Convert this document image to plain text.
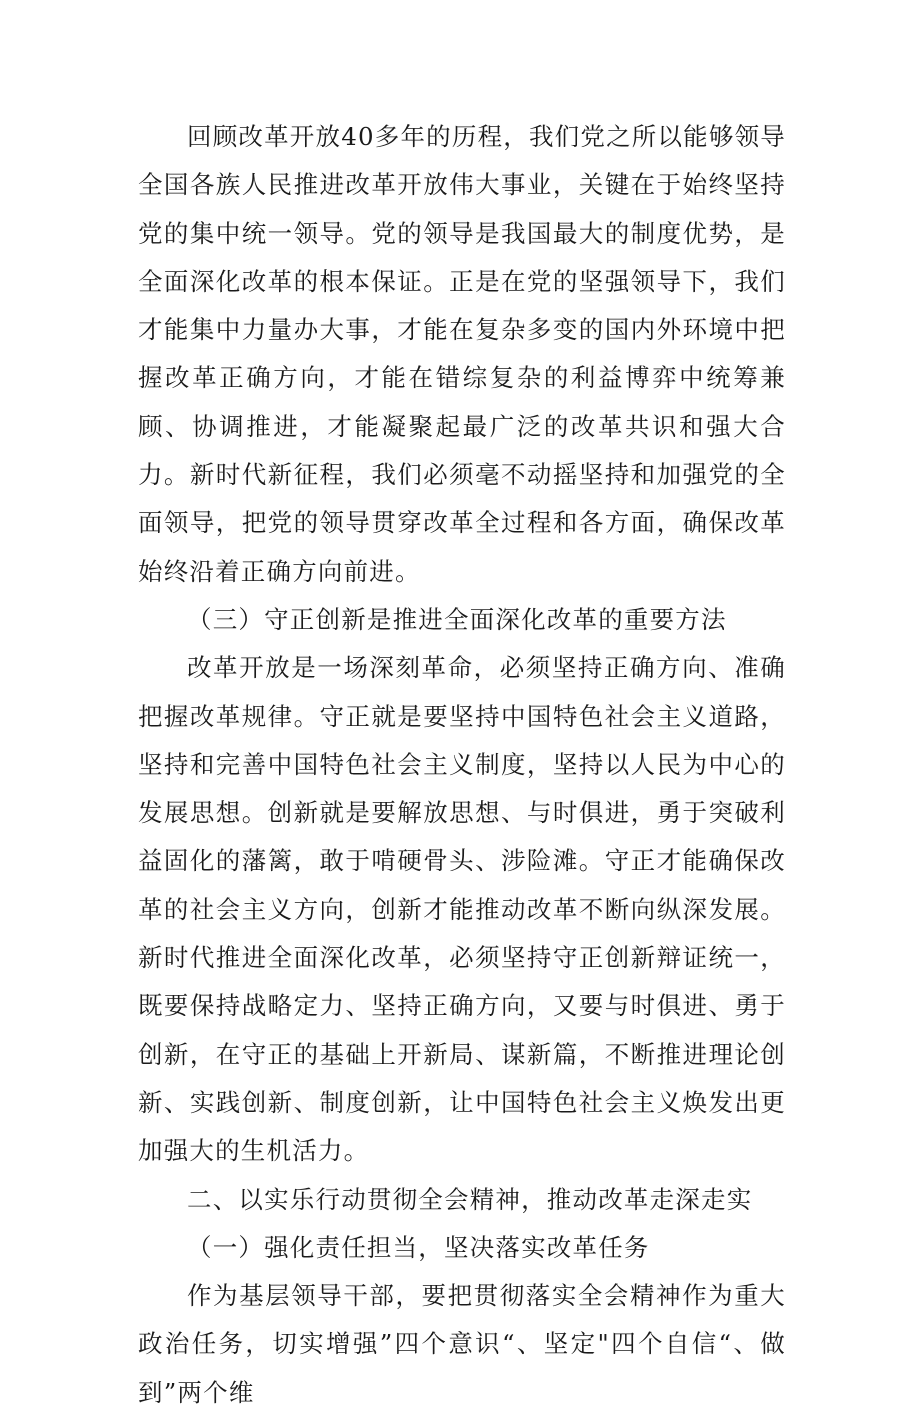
回顾改革开放40多年的历程，我们党之所以能够领导全国各族人民推进改革开放伟大事业，关键在于始终坚持党的集中统一领导。党的领导是我国最大的制度优势，是全面深化改革的根本保证。正是在党的坚强领导下，我们才能集中力量办大事，才能在复杂多变的国内外环境中把握改革正确方向，才能在错综复杂的利益博弈中统筹兼顾、协调推进，才能凝聚起最广泛的改革共识和强大合力。新时代新征程，我们必须毫不动摇坚持和加强党的全面领导，把党的领导贯穿改革全过程和各方面，确保改革始终沿着正确方向前进。

（三）守正创新是推进全面深化改革的重要方法

改革开放是一场深刻革命，必须坚持正确方向、准确把握改革规律。守正就是要坚持中国特色社会主义道路，坚持和完善中国特色社会主义制度，坚持以人民为中心的发展思想。创新就是要解放思想、与时俱进，勇于突破利益固化的藩篱，敢于啃硬骨头、涉险滩。守正才能确保改革的社会主义方向，创新才能推动改革不断向纵深发展。新时代推进全面深化改革，必须坚持守正创新辩证统一，既要保持战略定力、坚持正确方向，又要与时俱进、勇于创新，在守正的基础上开新局、谋新篇，不断推进理论创新、实践创新、制度创新，让中国特色社会主义焕发出更加强大的生机活力。

二、以实乐行动贯彻全会精神，推动改革走深走实

（一）强化责任担当，坚决落实改革任务

作为基层领导干部，要把贯彻落实全会精神作为重大政治任务，切实增强”四个意识“、坚定"四个自信“、做到”两个维
